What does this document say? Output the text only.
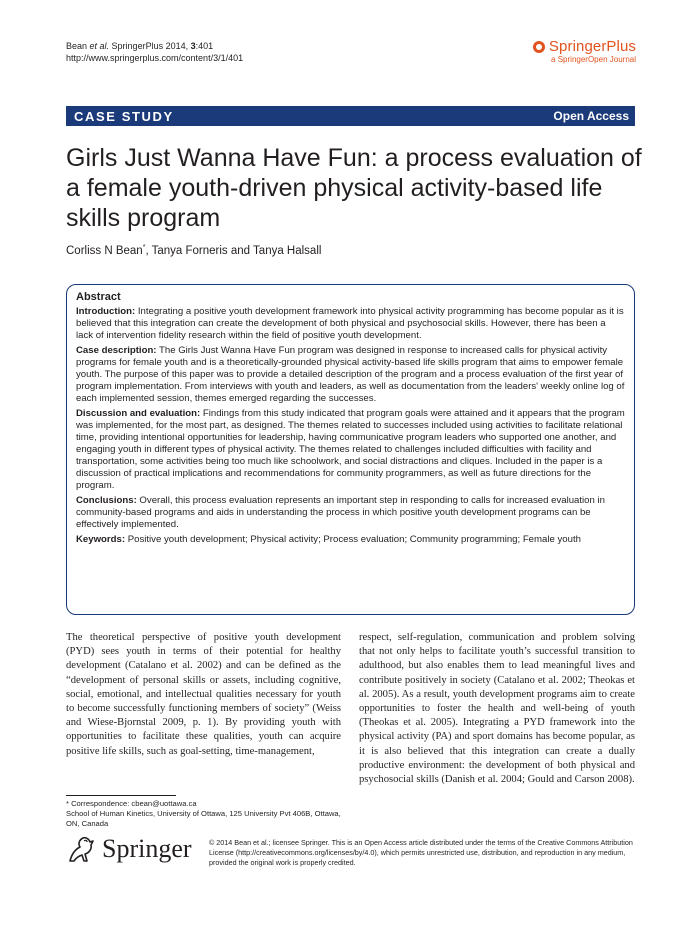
Bean et al. SpringerPlus 2014, 3:401
http://www.springerplus.com/content/3/1/401
SpringerPlus
a SpringerOpen Journal
CASE STUDY	Open Access
Girls Just Wanna Have Fun: a process evaluation of a female youth-driven physical activity-based life skills program
Corliss N Bean*, Tanya Forneris and Tanya Halsall
Abstract

Introduction: Integrating a positive youth development framework into physical activity programming has become popular as it is believed that this integration can create the development of both physical and psychosocial skills. However, there has been a lack of intervention fidelity research within the field of positive youth development.

Case description: The Girls Just Wanna Have Fun program was designed in response to increased calls for physical activity programs for female youth and is a theoretically-grounded physical activity-based life skills program that aims to empower female youth. The purpose of this paper was to provide a detailed description of the program and a process evaluation of the first year of program implementation. From interviews with youth and leaders, as well as documentation from the leaders' weekly online log of each implemented session, themes emerged regarding the successes.

Discussion and evaluation: Findings from this study indicated that program goals were attained and it appears that the program was implemented, for the most part, as designed. The themes related to successes included using activities to facilitate relational time, providing intentional opportunities for leadership, having communicative program leaders who supported one another, and engaging youth in different types of physical activity. The themes related to challenges included difficulties with facility and transportation, some activities being too much like schoolwork, and social distractions and cliques. Included in the paper is a discussion of practical implications and recommendations for community programmers, as well as future directions for the program.

Conclusions: Overall, this process evaluation represents an important step in responding to calls for increased evaluation in community-based programs and aids in understanding the process in which positive youth development programs can be effectively implemented.

Keywords: Positive youth development; Physical activity; Process evaluation; Community programming; Female youth

The theoretical perspective of positive youth development (PYD) sees youth in terms of their potential for healthy development (Catalano et al. 2002) and can be defined as the “development of personal skills or assets, including cognitive, social, emotional, and intellectual qualities necessary for youth to become successfully functioning members of society” (Weiss and Wiese-Bjornstal 2009, p. 1). By providing youth with opportunities to facilitate these qualities, youth can acquire positive life skills, such as goal-setting, time-management,

respect, self-regulation, communication and problem solving that not only helps to facilitate youth’s successful transition to adulthood, but also enables them to lead meaningful lives and contribute positively in society (Catalano et al. 2002; Theokas et al. 2005). As a result, youth development programs aim to create opportunities to foster the health and well-being of youth (Theokas et al. 2005). Integrating a PYD framework into the physical activity (PA) and sport domains has become popular, as it is also believed that this integration can create a dually productive environment: the development of both physical and psychosocial skills (Danish et al. 2004; Gould and Carson 2008).

* Correspondence: cbean@uottawa.ca
School of Human Kinetics, University of Ottawa, 125 University Pvt 406B, Ottawa, ON, Canada
Springer © 2014 Bean et al.; licensee Springer. This is an Open Access article distributed under the terms of the Creative Commons Attribution License (http://creativecommons.org/licenses/by/4.0), which permits unrestricted use, distribution, and reproduction in any medium, provided the original work is properly credited.
